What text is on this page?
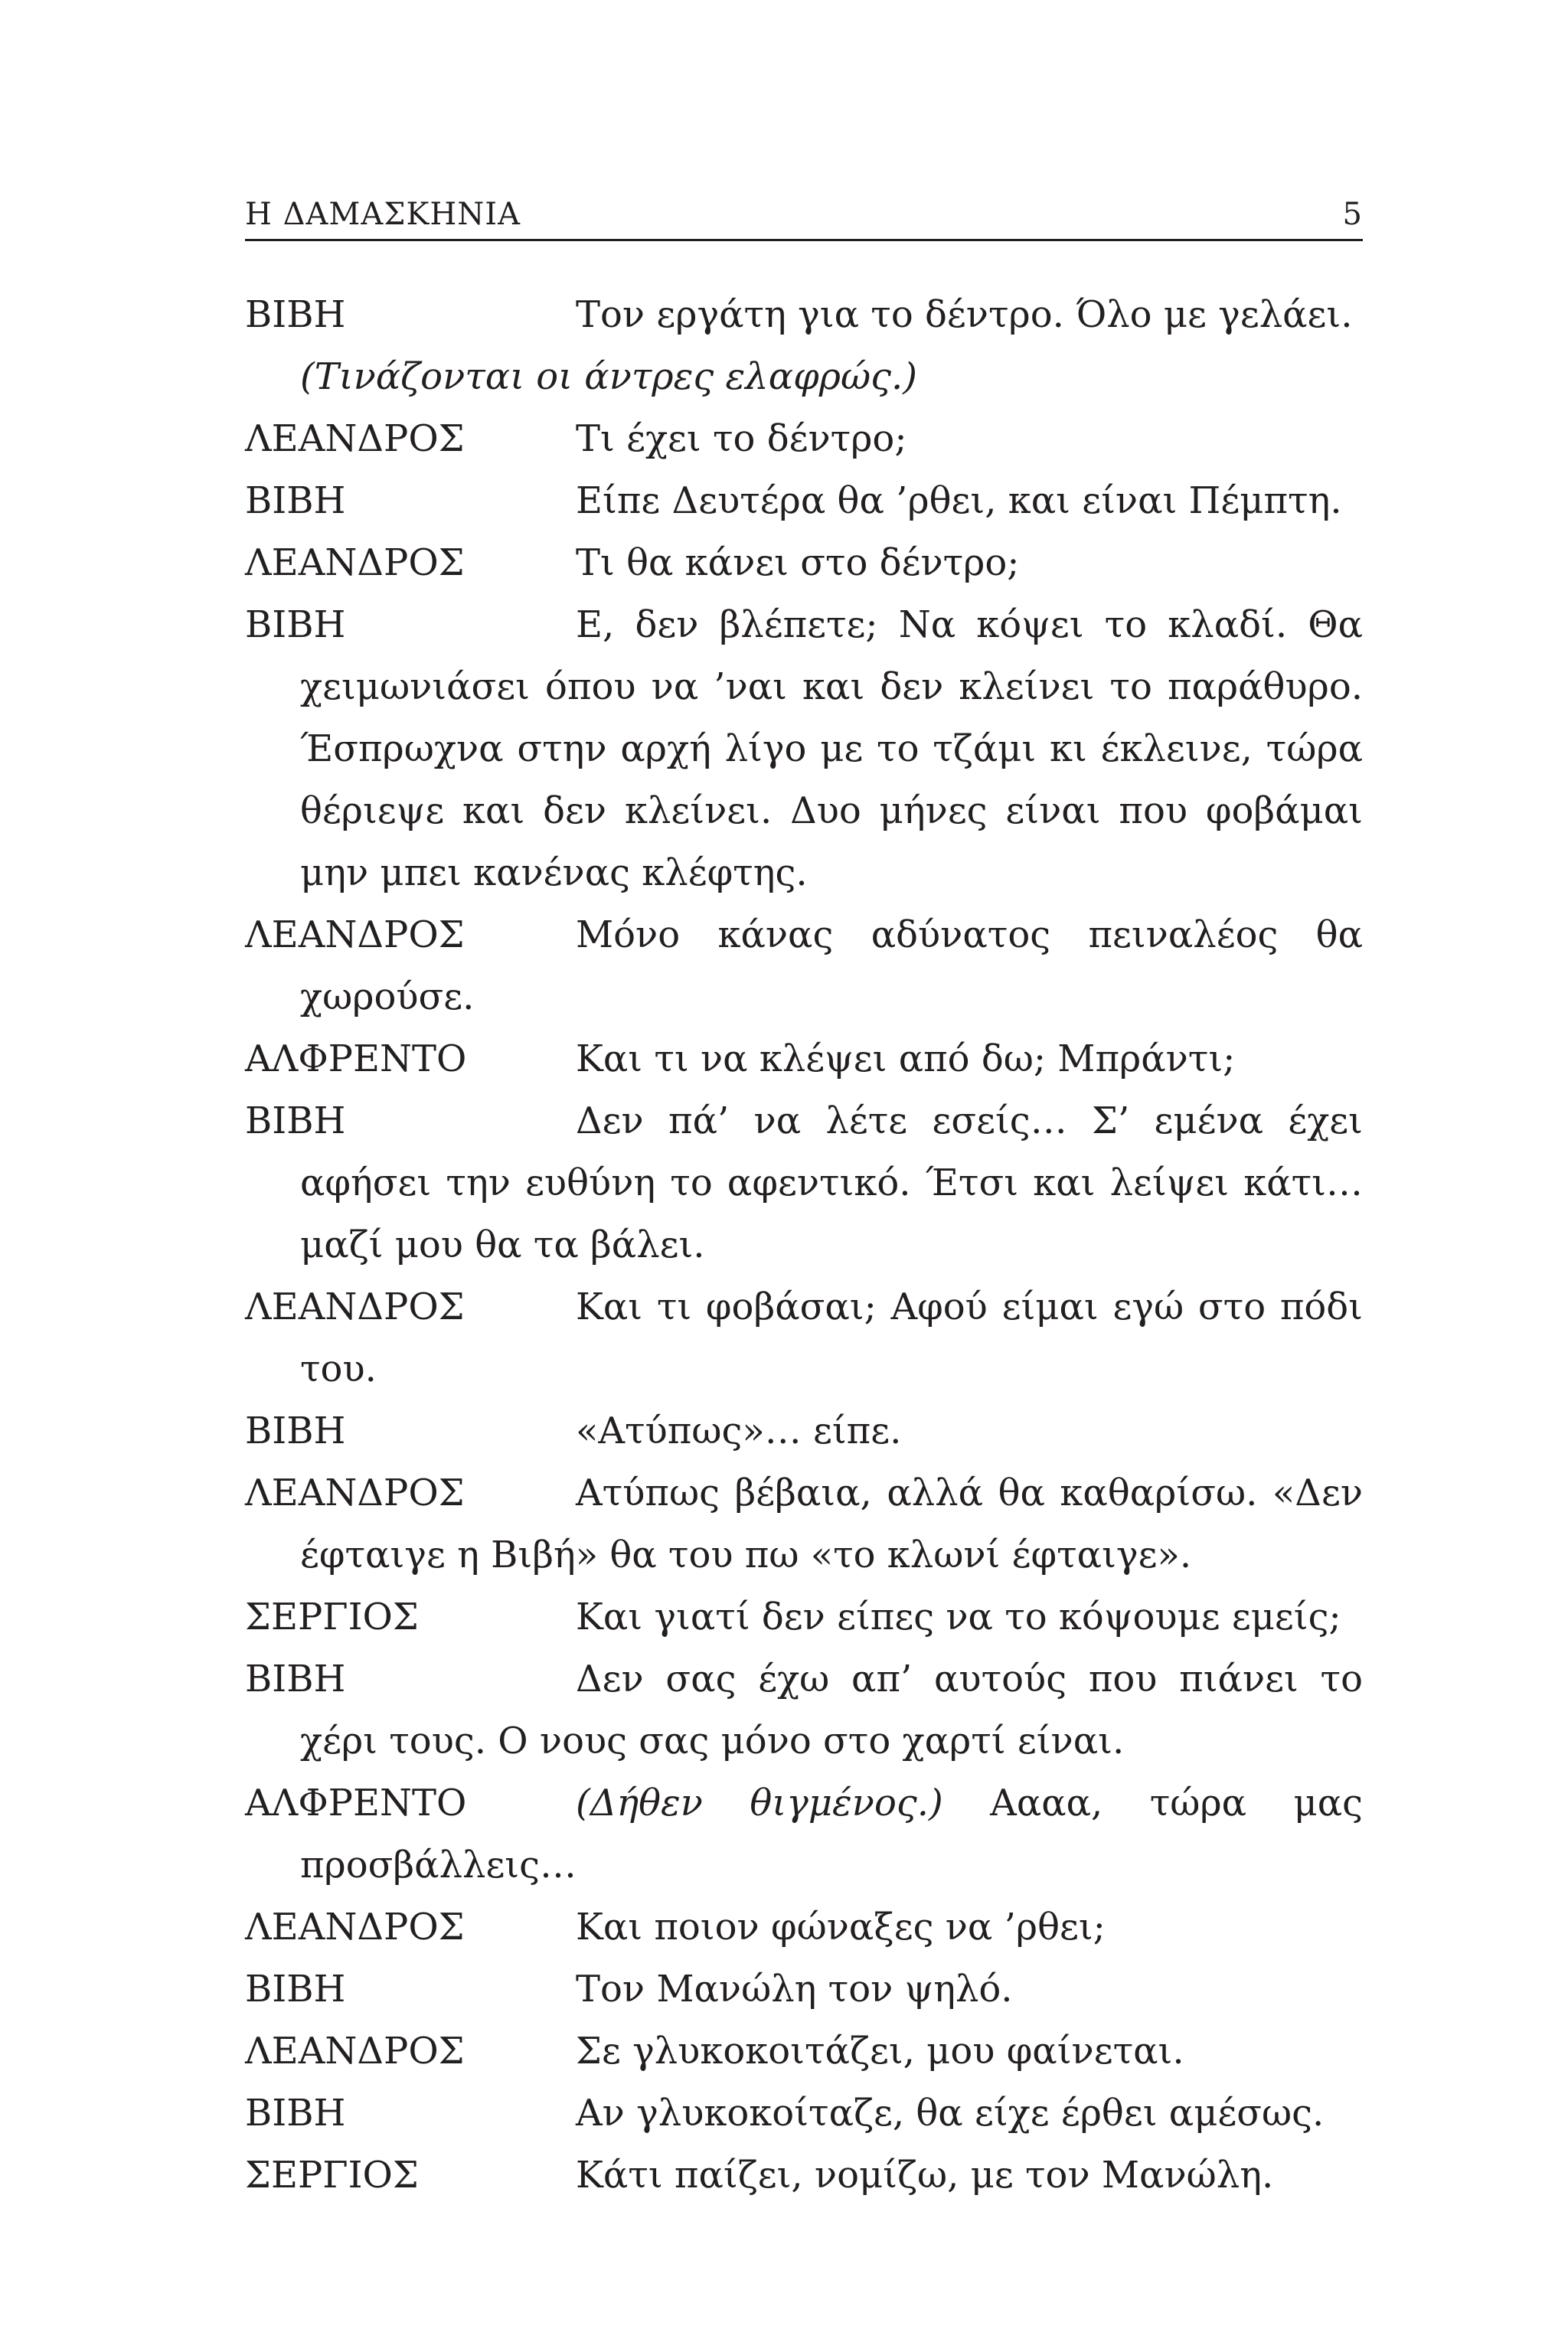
Η ΔΑΜΑΣΚΗΝΙΑ	5
ΒΙΒΗ	Τον εργάτη για το δέντρο. Όλο με γελάει.
(Τινάζονται οι άντρες ελαφρώς.)
ΛΕΑΝΔΡΟΣ	Τι έχει το δέντρο;
ΒΙΒΗ	Είπε Δευτέρα θα ’ρθει, και είναι Πέμπτη.
ΛΕΑΝΔΡΟΣ	Τι θα κάνει στο δέντρο;
ΒΙΒΗ	Ε, δεν βλέπετε; Να κόψει το κλαδί. Θα χειμωνιάσει όπου να ’ναι και δεν κλείνει το παράθυρο. Έσπρωχνα στην αρχή λίγο με το τζάμι κι έκλεινε, τώρα θέριεψε και δεν κλείνει. Δυο μήνες είναι που φοβάμαι μην μπει κανένας κλέφτης.
ΛΕΑΝΔΡΟΣ	Μόνο κάνας αδύνατος πειναλέος θα χωρούσε.
ΑΛΦΡΕΝΤΟ	Και τι να κλέψει από δω; Μπράντι;
ΒΙΒΗ	Δεν πά’ να λέτε εσείς… Σ’ εμένα έχει αφήσει την ευθύνη το αφεντικό. Έτσι και λείψει κάτι… μαζί μου θα τα βάλει.
ΛΕΑΝΔΡΟΣ	Και τι φοβάσαι; Αφού είμαι εγώ στο πόδι του.
ΒΙΒΗ	«Ατύπως»… είπε.
ΛΕΑΝΔΡΟΣ	Ατύπως βέβαια, αλλά θα καθαρίσω. «Δεν έφταιγε η Βιβή» θα του πω «το κλωνί έφταιγε».
ΣΕΡΓΙΟΣ	Και γιατί δεν είπες να το κόψουμε εμείς;
ΒΙΒΗ	Δεν σας έχω απ’ αυτούς που πιάνει το χέρι τους. Ο νους σας μόνο στο χαρτί είναι.
ΑΛΦΡΕΝΤΟ	(Δήθεν θιγμένος.) Αααα, τώρα μας προσβάλλεις…
ΛΕΑΝΔΡΟΣ	Και ποιον φώναξες να ’ρθει;
ΒΙΒΗ	Τον Μανώλη τον ψηλό.
ΛΕΑΝΔΡΟΣ	Σε γλυκοκοιτάζει, μου φαίνεται.
ΒΙΒΗ	Αν γλυκοκοίταζε, θα είχε έρθει αμέσως.
ΣΕΡΓΙΟΣ	Κάτι παίζει, νομίζω, με τον Μανώλη.
